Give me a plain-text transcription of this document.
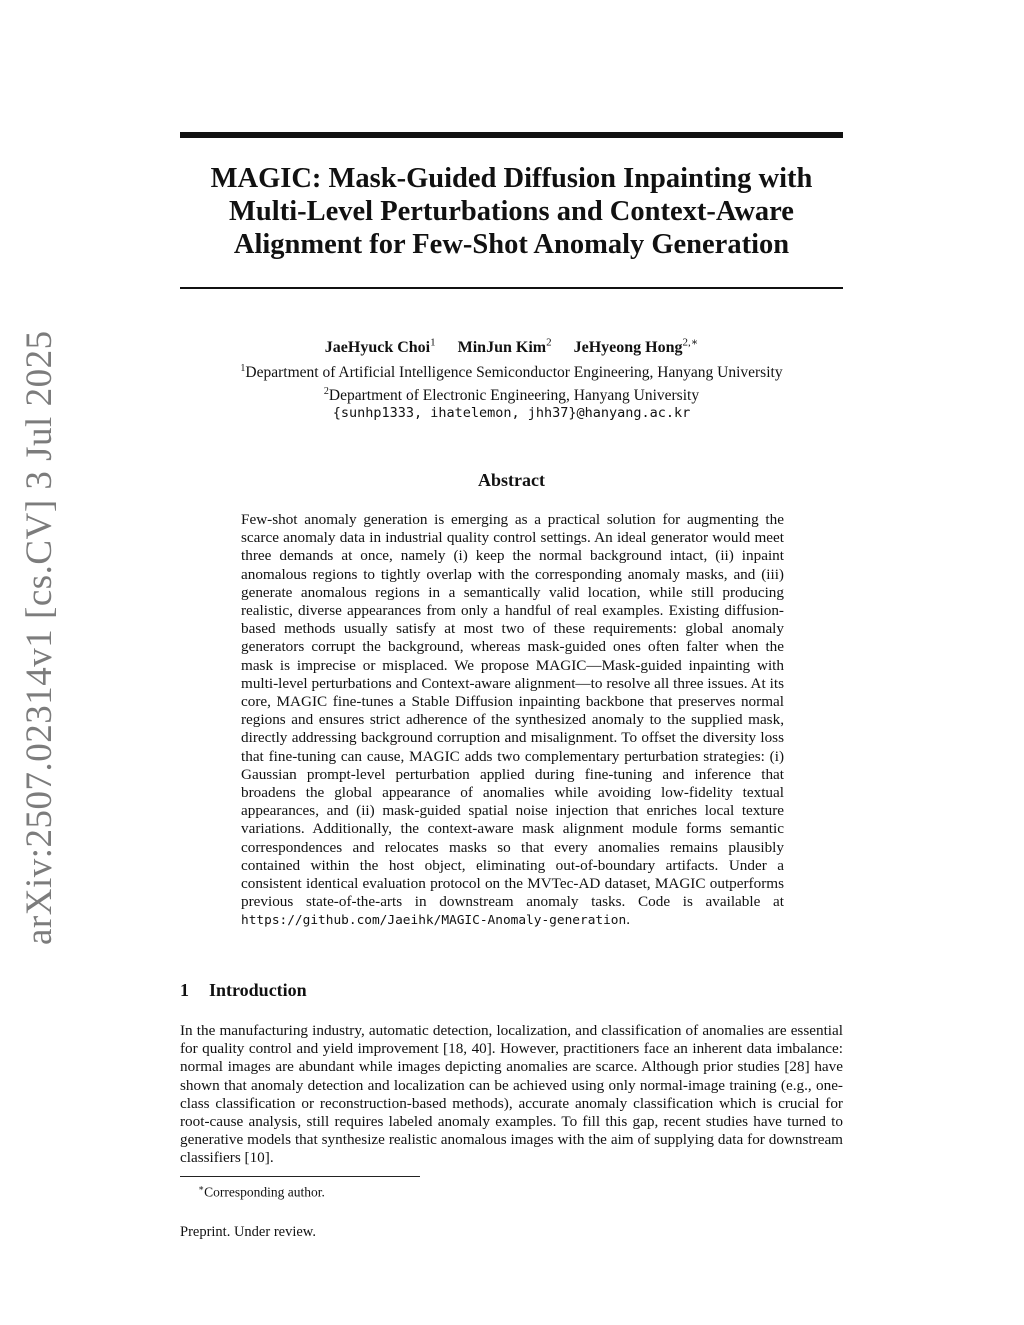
arXiv:2507.02314v1 [cs.CV] 3 Jul 2025
MAGIC: Mask-Guided Diffusion Inpainting with
Multi-Level Perturbations and Context-Aware
Alignment for Few-Shot Anomaly Generation
JaeHyuck Choi$^1$ MinJun Kim$^2$ JeHyeong Hong$^{2,∗}$
$^1$Department of Artificial Intelligence Semiconductor Engineering, Hanyang University
$^2$Department of Electronic Engineering, Hanyang University
{sunhp1333, ihatelemon, jhh37}@hanyang.ac.kr
Abstract

Few-shot anomaly generation is emerging as a practical solution for augmenting the scarce anomaly data in industrial quality control settings. An ideal generator would meet three demands at once, namely (i) keep the normal background intact, (ii) inpaint anomalous regions to tightly overlap with the corresponding anomaly masks, and (iii) generate anomalous regions in a semantically valid location, while still producing realistic, diverse appearances from only a handful of real examples. Existing diffusion-based methods usually satisfy at most two of these requirements: global anomaly generators corrupt the background, whereas mask-guided ones often falter when the mask is imprecise or misplaced. We propose MAGIC—Mask-guided inpainting with multi-level perturbations and Context-aware alignment—to resolve all three issues. At its core, MAGIC fine-tunes a Stable Diffusion inpainting backbone that preserves normal regions and ensures strict adherence of the synthesized anomaly to the supplied mask, directly addressing background corruption and misalignment. To offset the diversity loss that fine-tuning can cause, MAGIC adds two complementary perturbation strategies: (i) Gaussian prompt-level perturbation applied during fine-tuning and inference that broadens the global appearance of anomalies while avoiding low-fidelity textual appearances, and (ii) mask-guided spatial noise injection that enriches local texture variations. Additionally, the context-aware mask alignment module forms semantic correspondences and relocates masks so that every anomalies remains plausibly contained within the host object, eliminating out-of-boundary artifacts. Under a consistent identical evaluation protocol on the MVTec-AD dataset, MAGIC outperforms previous state-of-the-arts in downstream anomaly tasks. Code is available at https://github.com/Jaeihk/MAGIC-Anomaly-generation.

1 Introduction

In the manufacturing industry, automatic detection, localization, and classification of anomalies are essential for quality control and yield improvement [18, 40]. However, practitioners face an inherent data imbalance: normal images are abundant while images depicting anomalies are scarce. Although prior studies [28] have shown that anomaly detection and localization can be achieved using only normal-image training (e.g., one-class classification or reconstruction-based methods), accurate anomaly classification which is crucial for root-cause analysis, still requires labeled anomaly examples. To fill this gap, recent studies have turned to generative models that synthesize realistic anomalous images with the aim of supplying data for downstream classifiers [10].

∗Corresponding author.
Preprint. Under review.
